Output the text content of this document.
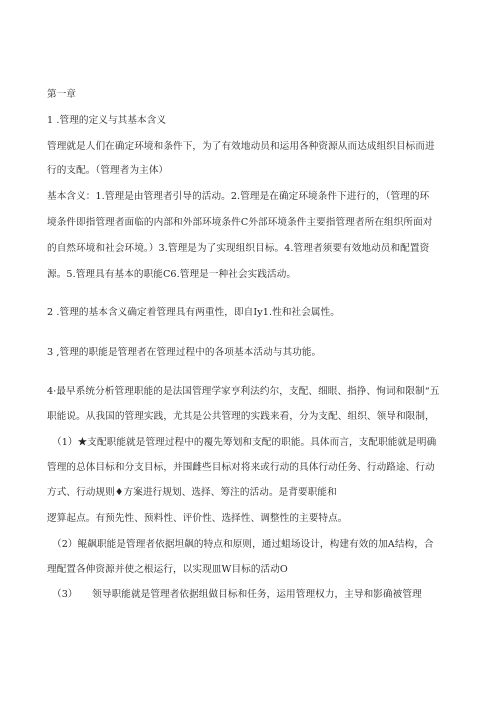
第一章
1 .管理的定义与其基本含义
管理就是人们在确定环境和条件下，为了有效地动员和运用各种资源从而达成组织目标而进
行的支配。（管理者为主体）
基本含义：1.管理是由管理者引导的活动。2.管理是在确定环境条件下进行的，（管理的环
境条件即指管理者面临的内部和外部环境条件C外部环境条件主要指管理者所在组织所面对
的自然环境和社会环境。）3.管理是为了实现组织目标。4.管理者须要有效地动员和配置资
源。5.管理具有基本的职能C6.管理是一种社会实践活动。
2 .管理的基本含义确定着管理具有两重性，即自Iy1.性和社会属性。
3 ,管理的职能是管理者在管理过程中的各项基本活动与其功能。
4·最早系统分析管理职能的是法国管理学家亨利法约尔，支配、细眼、指挣、恂词和限制“五
职能说。从我国的管理实践，尤其是公共管理的实践来看，分为支配、组织、领导和限制，
（1）★支配职能就是管理过程中的覆先筹划和支配的职能。具体而言，支配职能就是明确
管理的总体目标和分支目标，并围雌些目标对将来或行动的具体行动任务、行动路途、行动
方式、行动规则♦方案进行规划、选择、筹注的活动。是背要职能和
逻算起点。有预先性、预料性、评价性、选择性、调整性的主要特点。
（2）鲲飙职能是管理者依据坦飙的特点和原则，通过蛆场设计，构建有效的加A结构，合
理配置各伸资源并使之根运行，以实现皿W目标的活动O
（3）　　领导职能就是管理者依据组做目标和任务，运用管理权力，主导和影确被管理
